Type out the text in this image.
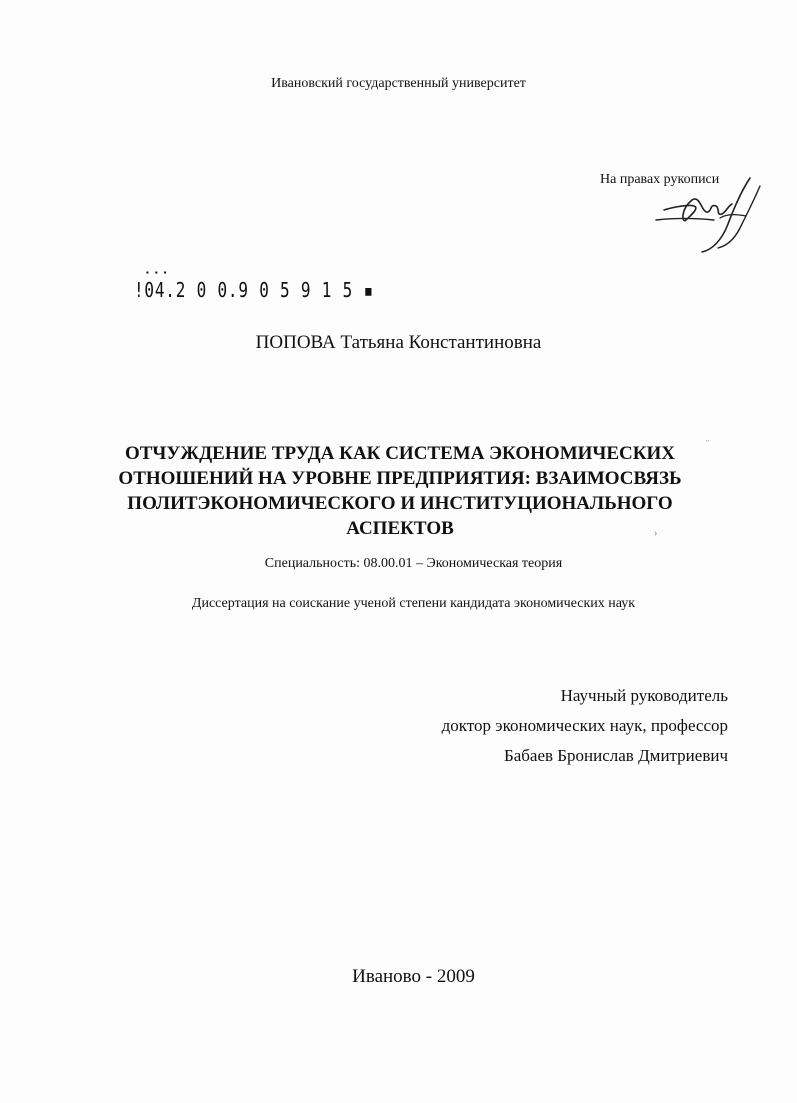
Ивановский государственный университет
На правах рукописи
▪ ▪ ▪
!04.2 0 0.9 0 5 9 1 5 ▪
ПОПОВА Татьяна Константиновна
ОТЧУЖДЕНИЕ ТРУДА КАК СИСТЕМА ЭКОНОМИЧЕСКИХ
ОТНОШЕНИЙ НА УРОВНЕ ПРЕДПРИЯТИЯ: ВЗАИМОСВЯЗЬ
ПОЛИТЭКОНОМИЧЕСКОГО И ИНСТИТУЦИОНАЛЬНОГО
АСПЕКТОВ
Специальность: 08.00.01 – Экономическая теория
Диссертация на соискание ученой степени кандидата экономических наук
Научный руководитель
доктор экономических наук, профессор
Бабаев Бронислав Дмитриевич
Иваново - 2009
ᵕ
›
